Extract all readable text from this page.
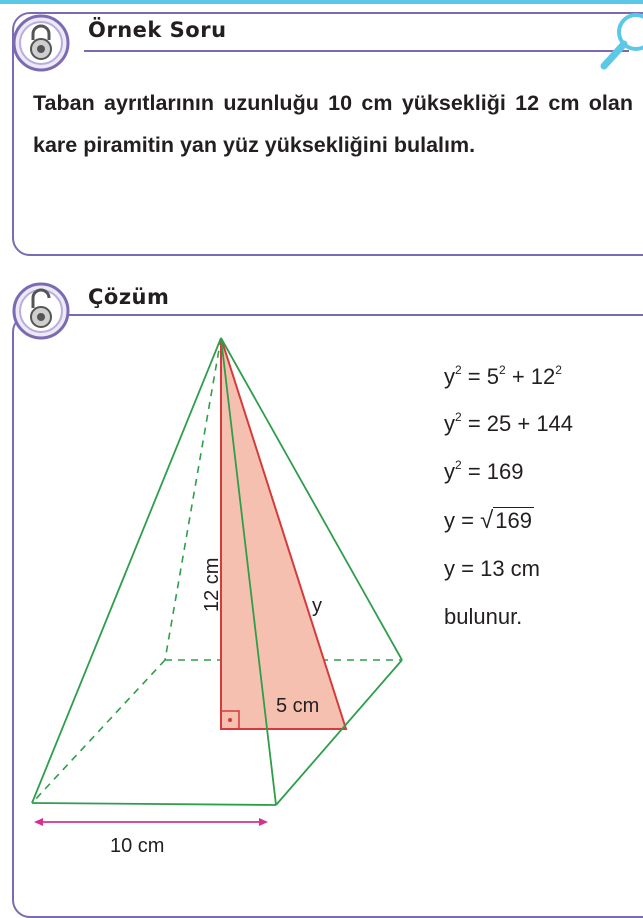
Örnek Soru
Taban ayrıtlarının uzunluğu 10 cm yüksekliği 12 cm olan kare piramitin yan yüz yüksekliğini bulalım.
Çözüm
12 cm	y
5 cm
10 cm
$y^2 = 5^2 + 12^2$
$y^2 = 25 + 144$
$y^2 = 169$
y = √169
y = 13 cm
bulunur.
